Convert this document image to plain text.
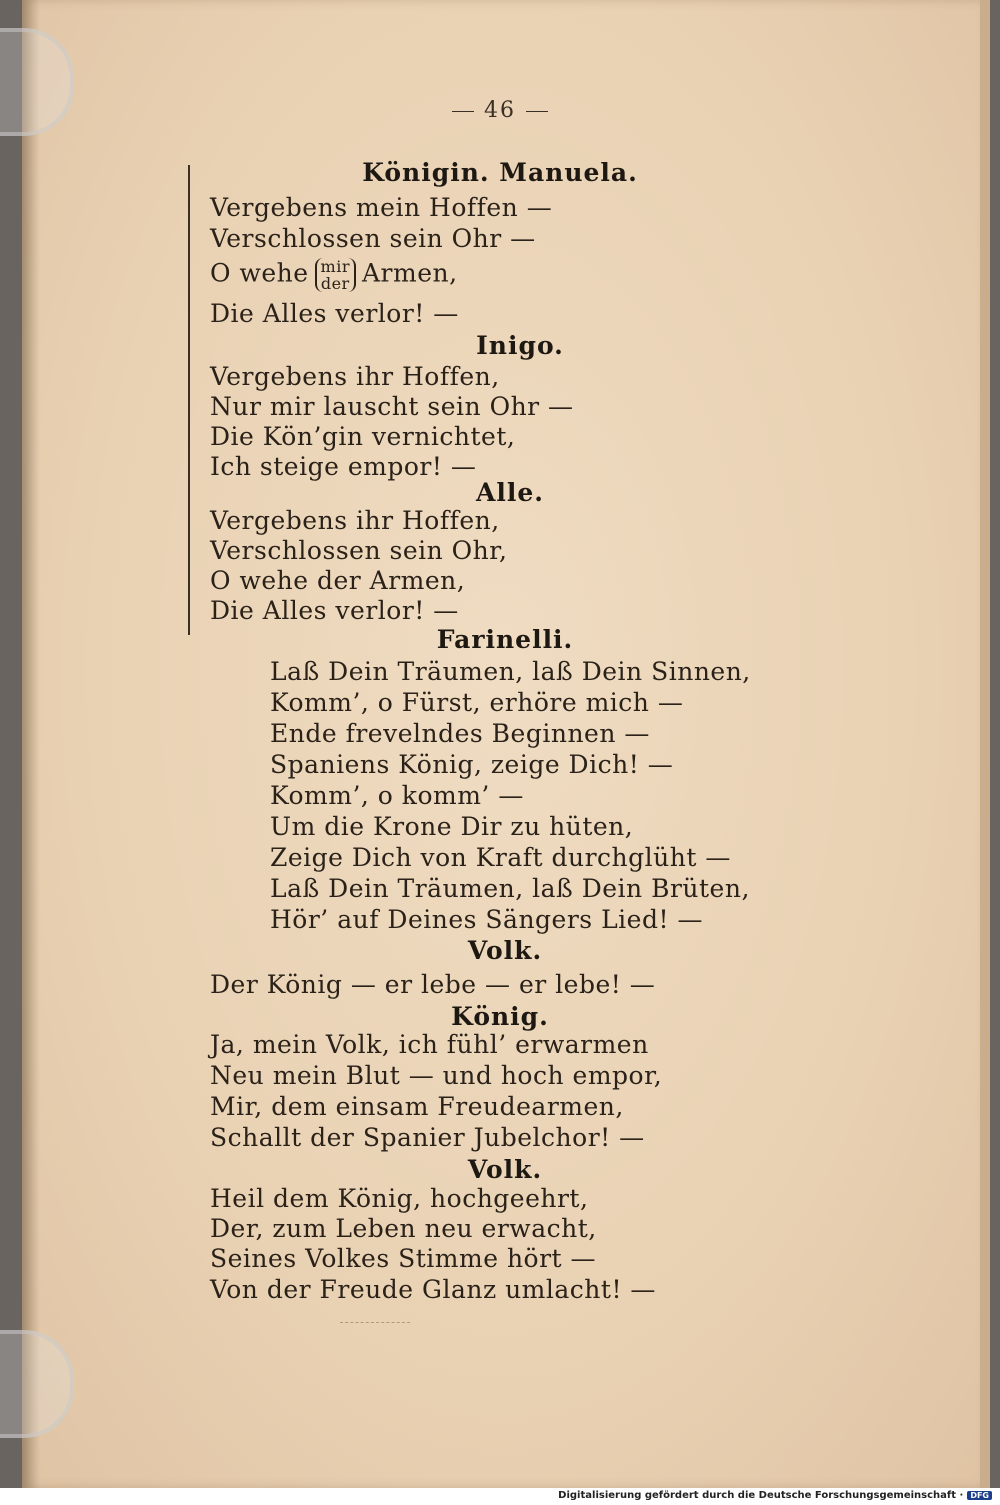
46
Königin. Manuela.
Vergebens mein Hoffen —
Verschlossen sein Ohr —
O wehe mir
der Armen,
Die Alles verlor! —
Inigo.
Vergebens ihr Hoffen,
Nur mir lauscht sein Ohr —
Die Kön’gin vernichtet,
Ich steige empor! —
Alle.
Vergebens ihr Hoffen,
Verschlossen sein Ohr,
O wehe der Armen,
Die Alles verlor! —
Farinelli.
Laß Dein Träumen, laß Dein Sinnen,
Komm’, o Fürst, erhöre mich —
Ende frevelndes Beginnen —
Spaniens König, zeige Dich! —
Komm’, o komm’ —
Um die Krone Dir zu hüten,
Zeige Dich von Kraft durchglüht —
Laß Dein Träumen, laß Dein Brüten,
Hör’ auf Deines Sängers Lied! —
Volk.
Der König — er lebe — er lebe! —
König.
Ja, mein Volk, ich fühl’ erwarmen
Neu mein Blut — und hoch empor,
Mir, dem einsam Freudearmen,
Schallt der Spanier Jubelchor! —
Volk.
Heil dem König, hochgeehrt,
Der, zum Leben neu erwacht,
Seines Volkes Stimme hört —
Von der Freude Glanz umlacht! —
Digitalisierung gefördert durch die Deutsche Forschungsgemeinschaft · DFG
